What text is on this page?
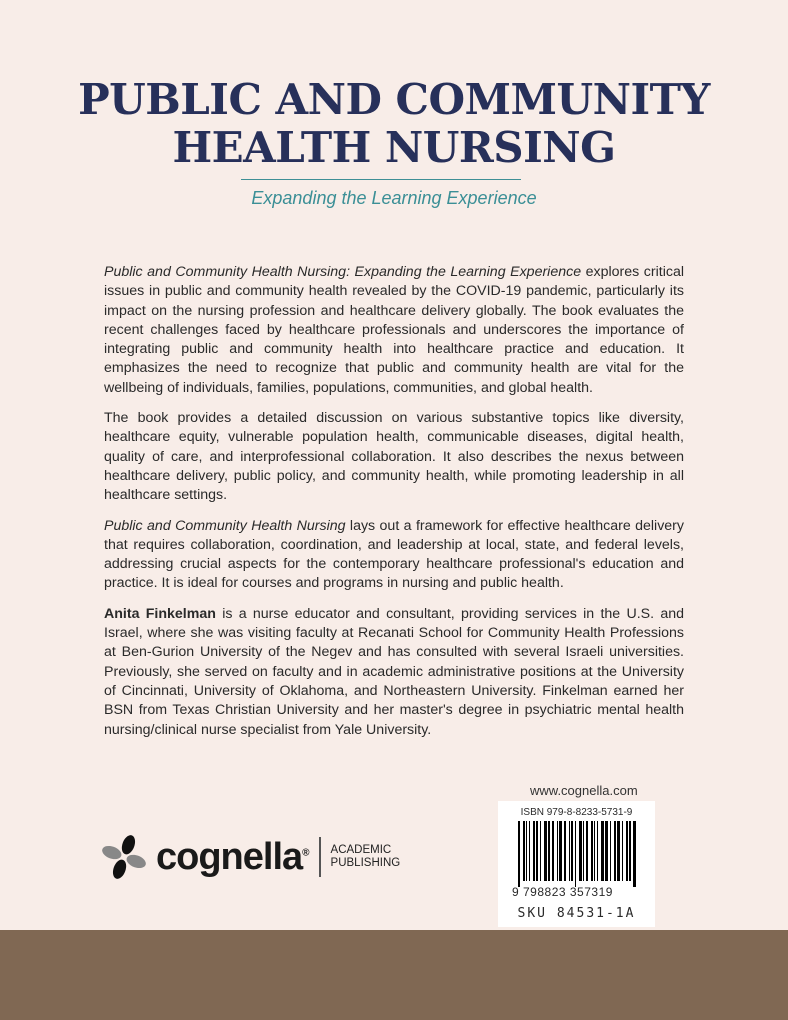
PUBLIC AND COMMUNITY
HEALTH NURSING
Expanding the Learning Experience

Public and Community Health Nursing: Expanding the Learning Experience explores critical issues in public and community health revealed by the COVID-19 pandemic, particularly its impact on the nursing profession and healthcare delivery globally. The book evaluates the recent challenges faced by healthcare professionals and underscores the importance of integrating public and community health into healthcare practice and education. It emphasizes the need to recognize that public and community health are vital for the wellbeing of individuals, families, populations, communities, and global health.

The book provides a detailed discussion on various substantive topics like diversity, healthcare equity, vulnerable population health, communicable diseases, digital health, quality of care, and interprofessional collaboration. It also describes the nexus between healthcare delivery, public policy, and community health, while promoting leadership in all healthcare settings.

Public and Community Health Nursing lays out a framework for effective healthcare delivery that requires collaboration, coordination, and leadership at local, state, and federal levels, addressing crucial aspects for the contemporary healthcare professional's education and practice. It is ideal for courses and programs in nursing and public health.

Anita Finkelman is a nurse educator and consultant, providing services in the U.S. and Israel, where she was visiting faculty at Recanati School for Community Health Professions at Ben-Gurion University of the Negev and has consulted with several Israeli universities. Previously, she served on faculty and in academic administrative positions at the University of Cincinnati, University of Oklahoma, and Northeastern University. Finkelman earned her BSN from Texas Christian University and her master's degree in psychiatric mental health nursing/clinical nurse specialist from Yale University.

cognella® ACADEMIC
PUBLISHING
www.cognella.com
ISBN 979-8-8233-5731-9
9 798823 357319
SKU 84531-1A
